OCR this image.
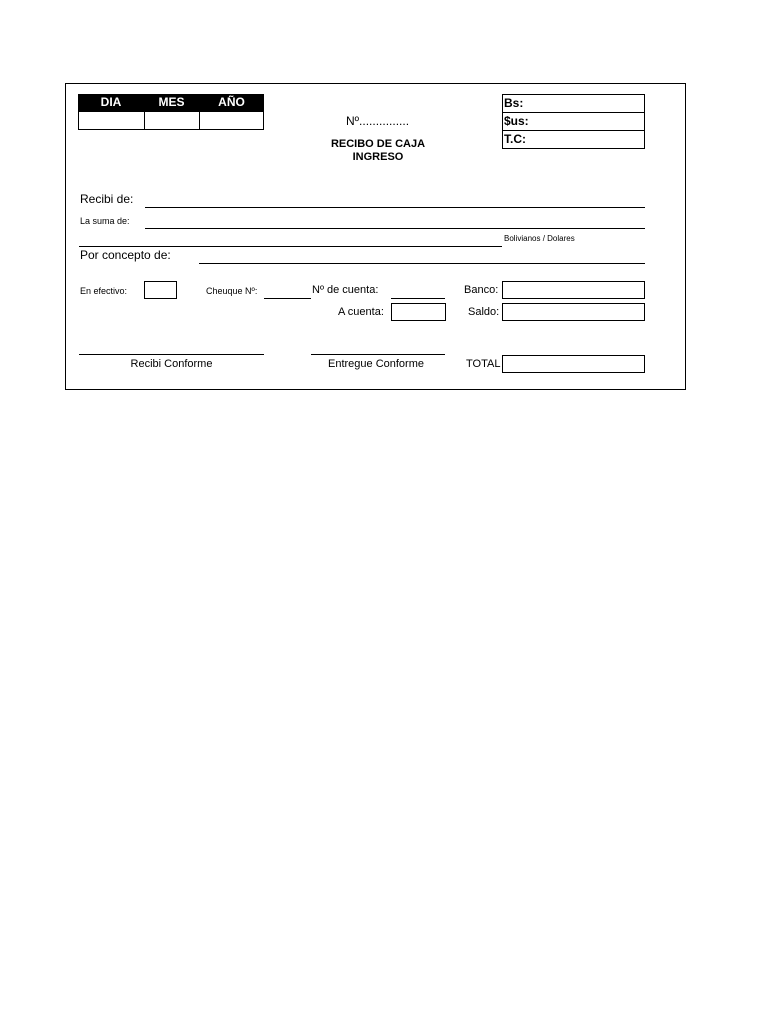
DIA	MES	AÑO
Nº...............
RECIBO DE CAJA
INGRESO
Bs:
$us:
T.C:
Recibi de:
La suma de:
Bolivianos / Dolares
Por concepto de:
En efectivo:	Cheuque Nº:	Nº de cuenta:	Banco:
A cuenta:	Saldo:
Recibi Conforme	Entregue Conforme	TOTAL
